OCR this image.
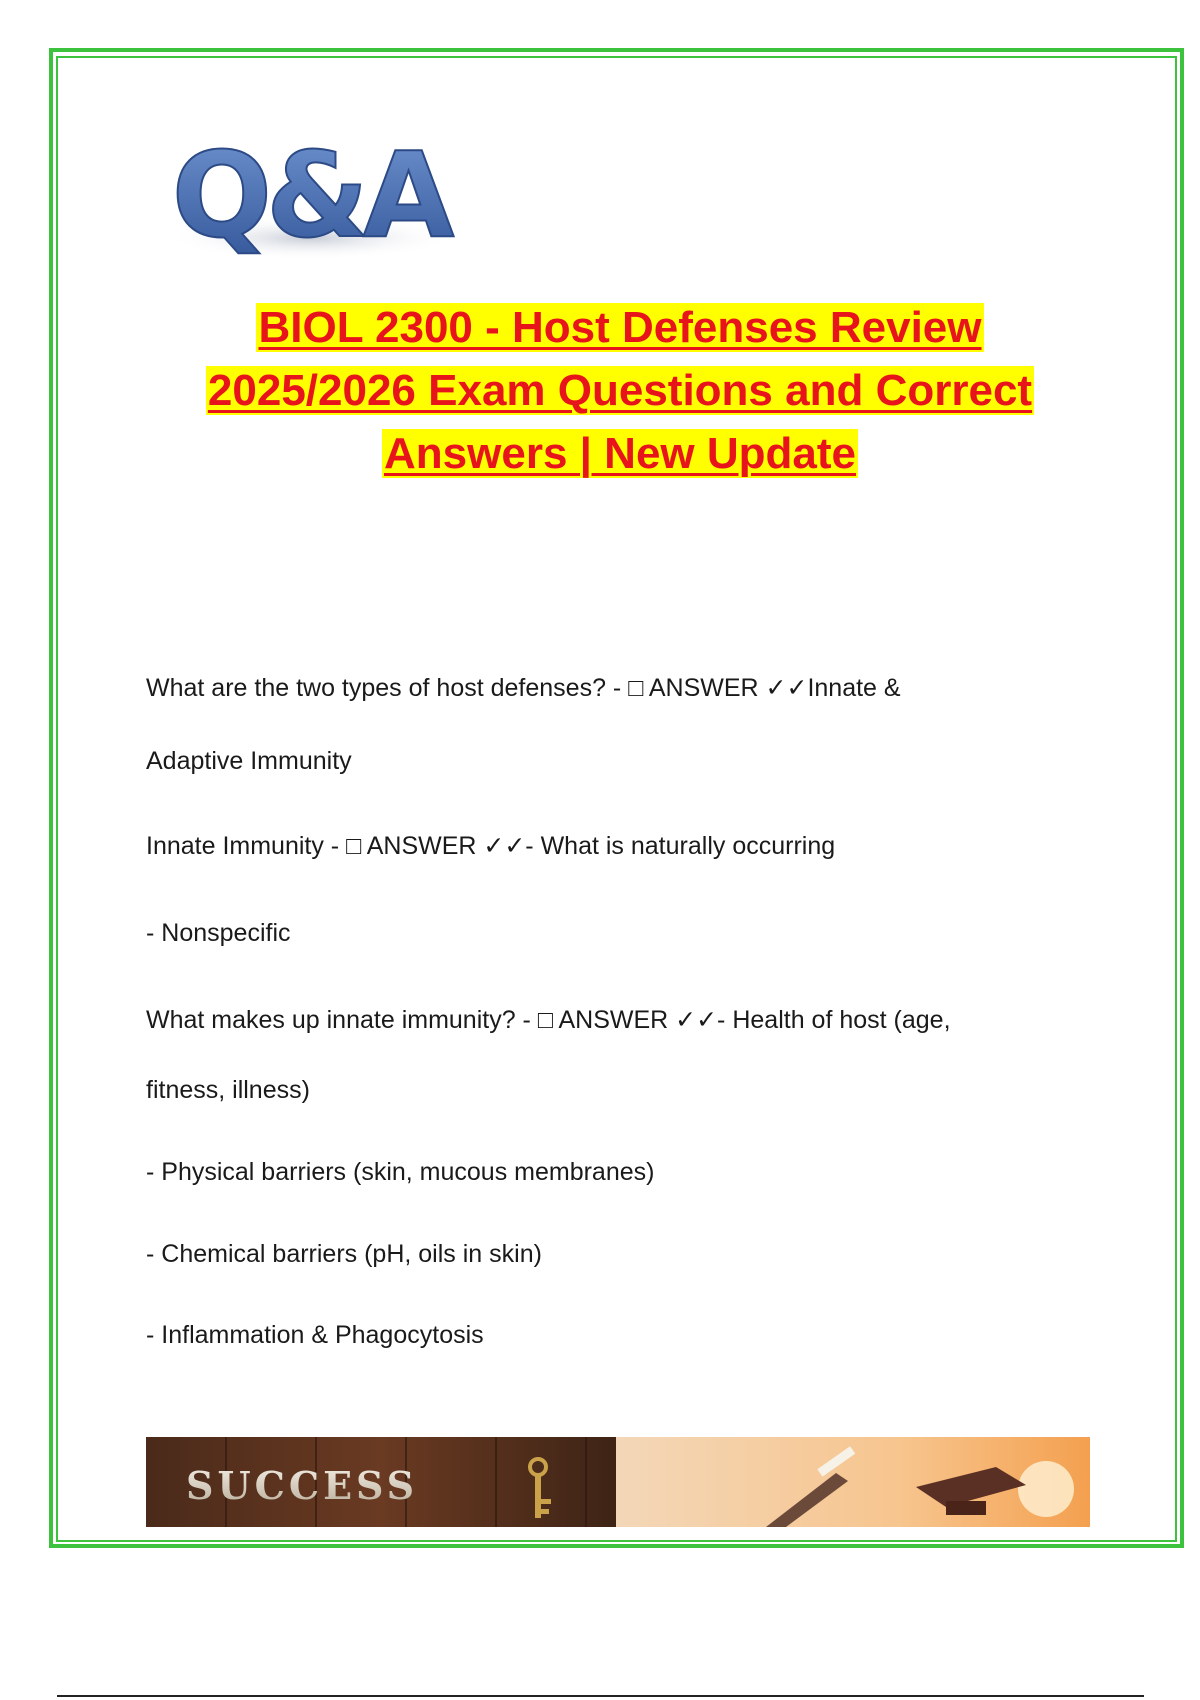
Q&A
BIOL 2300 - Host Defenses Review
2025/2026 Exam Questions and Correct
Answers | New Update

What are the two types of host defenses? - □ ANSWER ✓✓Innate &

Adaptive Immunity

Innate Immunity - □ ANSWER ✓✓- What is naturally occurring

- Nonspecific

What makes up innate immunity? - □ ANSWER ✓✓- Health of host (age,

fitness, illness)

- Physical barriers (skin, mucous membranes)

- Chemical barriers (pH, oils in skin)

- Inflammation & Phagocytosis

SUCCESS
